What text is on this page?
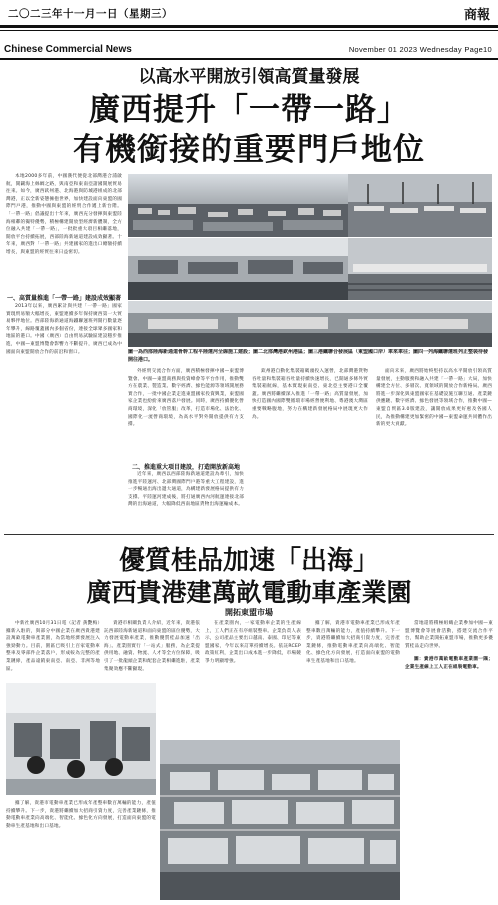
二〇二三年十一月一日（星期三）	商報
Chinese Commercial News	November 01 2023 Wednesday Page10
以高水平開放引領高質量發展
廣西提升「一帶一路」
有機銜接的重要門戶地位

本地2000多年前，中國漢代便從北部灣港合浦啟航，開闢海上絲綢之路，與南亞和東南亞諸國開展貿易往來。如今，廣西欽州港、北海港與防城港組成的北部灣港，正以全新姿態擁抱世界，加快建設面向東盟的國際門戶港，推動中國與東盟的經貿合作邁上新台階。「一帶一路」倡議提出十年來，廣西充分發揮與東盟陸海相鄰的獨特優勢，積極構建開放型經濟新體制，全方位融入共建「一帶一路」，一批批重大項目相繼落地，開放平台持續拓展，西部陸海新通道建設成效顯著。十年來，廣西對「一帶一路」共建國家的進出口總額持續增長，與東盟的經貿往來日益密切。

一、高質量推進「一帶一路」建設成效顯著

2013年以來，廣西累計與共建「一帶一路」國家實現貿易額大幅增長，東盟連續多年保持廣西第一大貿易夥伴地位。西部陸海新通道海鐵聯運班列開行數量逐年攀升，線路覆蓋國內多個省份，連接全球眾多國家和地區的港口。中國（廣西）自由貿易試驗區建設穩步推進，中國—東盟博覽會影響力不斷提升，廣西已成為中國面向東盟開放合作的前沿和窗口。	圖一為西部陸海新通道骨幹工程平陸運河全線施工建設；圖二北部灣港欽州港區；圖三港鐵聯合發展區（東盟國口岸）車來車往；圖四一列海鐵聯運班列正整裝待發開往港口。

外經貿交流合作方面，廣西積極發揮中國—東盟博覽會、中國—東盟商務與投資峰會等平台作用，推動雙方在農業、製造業、數字經濟、綠色能源等領域開展務實合作，一批中國企業走進東盟國家投資興業，東盟國家企業也紛紛來廣西落戶發展。同時，廣西持續優化營商環境，深化「放管服」改革，打造市場化、法治化、國際化一流營商環境，為高水平對外開放提供有力支撐。

二、推進重大項目建設，打造開放新高地

近年來，廣西以西部陸海新通道建設為牽引，加快推進平陸運河、北部灣國際門戶港等重大工程建設，進一步暢通出海出邊大通道，為構建新發展格局提供有力支撐。平陸運河建成後，將打通廣西內河航運連接北部灣的出海通道，大幅降低西南地區貨物出海運輸成本。

欽州港自動化集裝箱碼頭投入運營，北部灣港貨物吞吐量和集裝箱吞吐量持續快速增長，已開通多條外貿集裝箱航線，基本實現東南亞、東北亞主要港口全覆蓋。廣西將繼續深入推進「一帶一路」高質量發展，加快打造國內國際雙循環市場經營便利地、粵港澳大灣區重要戰略腹地，努力在構建新發展格局中展現更大作為。

面向未來，廣西將始終堅持以高水平開放引領高質量發展，主動服務和融入共建「一帶一路」大局，加快構建全方位、多層次、寬領域的開放合作新格局。廣西將進一步深化與東盟國家在基礎設施互聯互通、產業鏈供應鏈、數字經濟、綠色發展等領域合作，推動中國—東盟自貿區3.0版建設，讓開放成果更好惠及各國人民，為推動構建更加緊密的中國—東盟命運共同體作出新的更大貢獻。

優質桂品加速「出海」
廣西貴港建萬畝電動車產業園
開拓東盟市場

中新社廣西10月31日電（記者 黃艷梅）據新入駐的，與部分中國企業在廣西貴港建設萬畝電動車產業園，為當地經濟發展注入強勁動力。目前，園區已吸引上百家電動車整車及零部件企業落戶，形成較為完整的產業鏈條，產品遠銷東南亞、南亞、非洲等地區。

貴港市相關負責人介紹，近年來，貴港依託西部陸海新通道和面向東盟的區位優勢，大力發展電動車產業，推動優質桂品加速「出海」。產業園實行「一站式」服務，為企業提供用地、融資、物流、人才等全方位保障，吸引了一批龍頭企業和配套企業相繼進駐，產業集聚效應不斷顯現。

在產業園內，一家電動車企業的生產線上，工人們正在有序組裝整車。企業負責人表示，公司產品主要出口越南、泰國、印尼等東盟國家，今年以來訂單持續增長。依託RCEP政策紅利，企業出口成本進一步降低，市場競爭力明顯增強。

據了解，貴港市電動車產業已形成年產整車數百萬輛的能力，產值持續攀升。下一步，貴港將繼續加大招商引資力度，完善產業鏈條，推動電動車產業向高端化、智能化、綠色化方向發展，打造面向東盟的電動車生產基地和出口基地。

當地還將積極組織企業參加中國—東盟博覽會等展會活動，搭建交流合作平台，幫助企業開拓東盟市場，推動更多優質桂品走向世界。

圖：貴港市萬畝電動車產業園一隅；企業生產線上工人正在組裝電動車。

據了解，貴港市電動車產業已形成年產整車數百萬輛的能力，產值持續攀升。下一步，貴港將繼續加大招商引資力度，完善產業鏈條，推動電動車產業向高端化、智能化、綠色化方向發展，打造面向東盟的電動車生產基地和出口基地。
